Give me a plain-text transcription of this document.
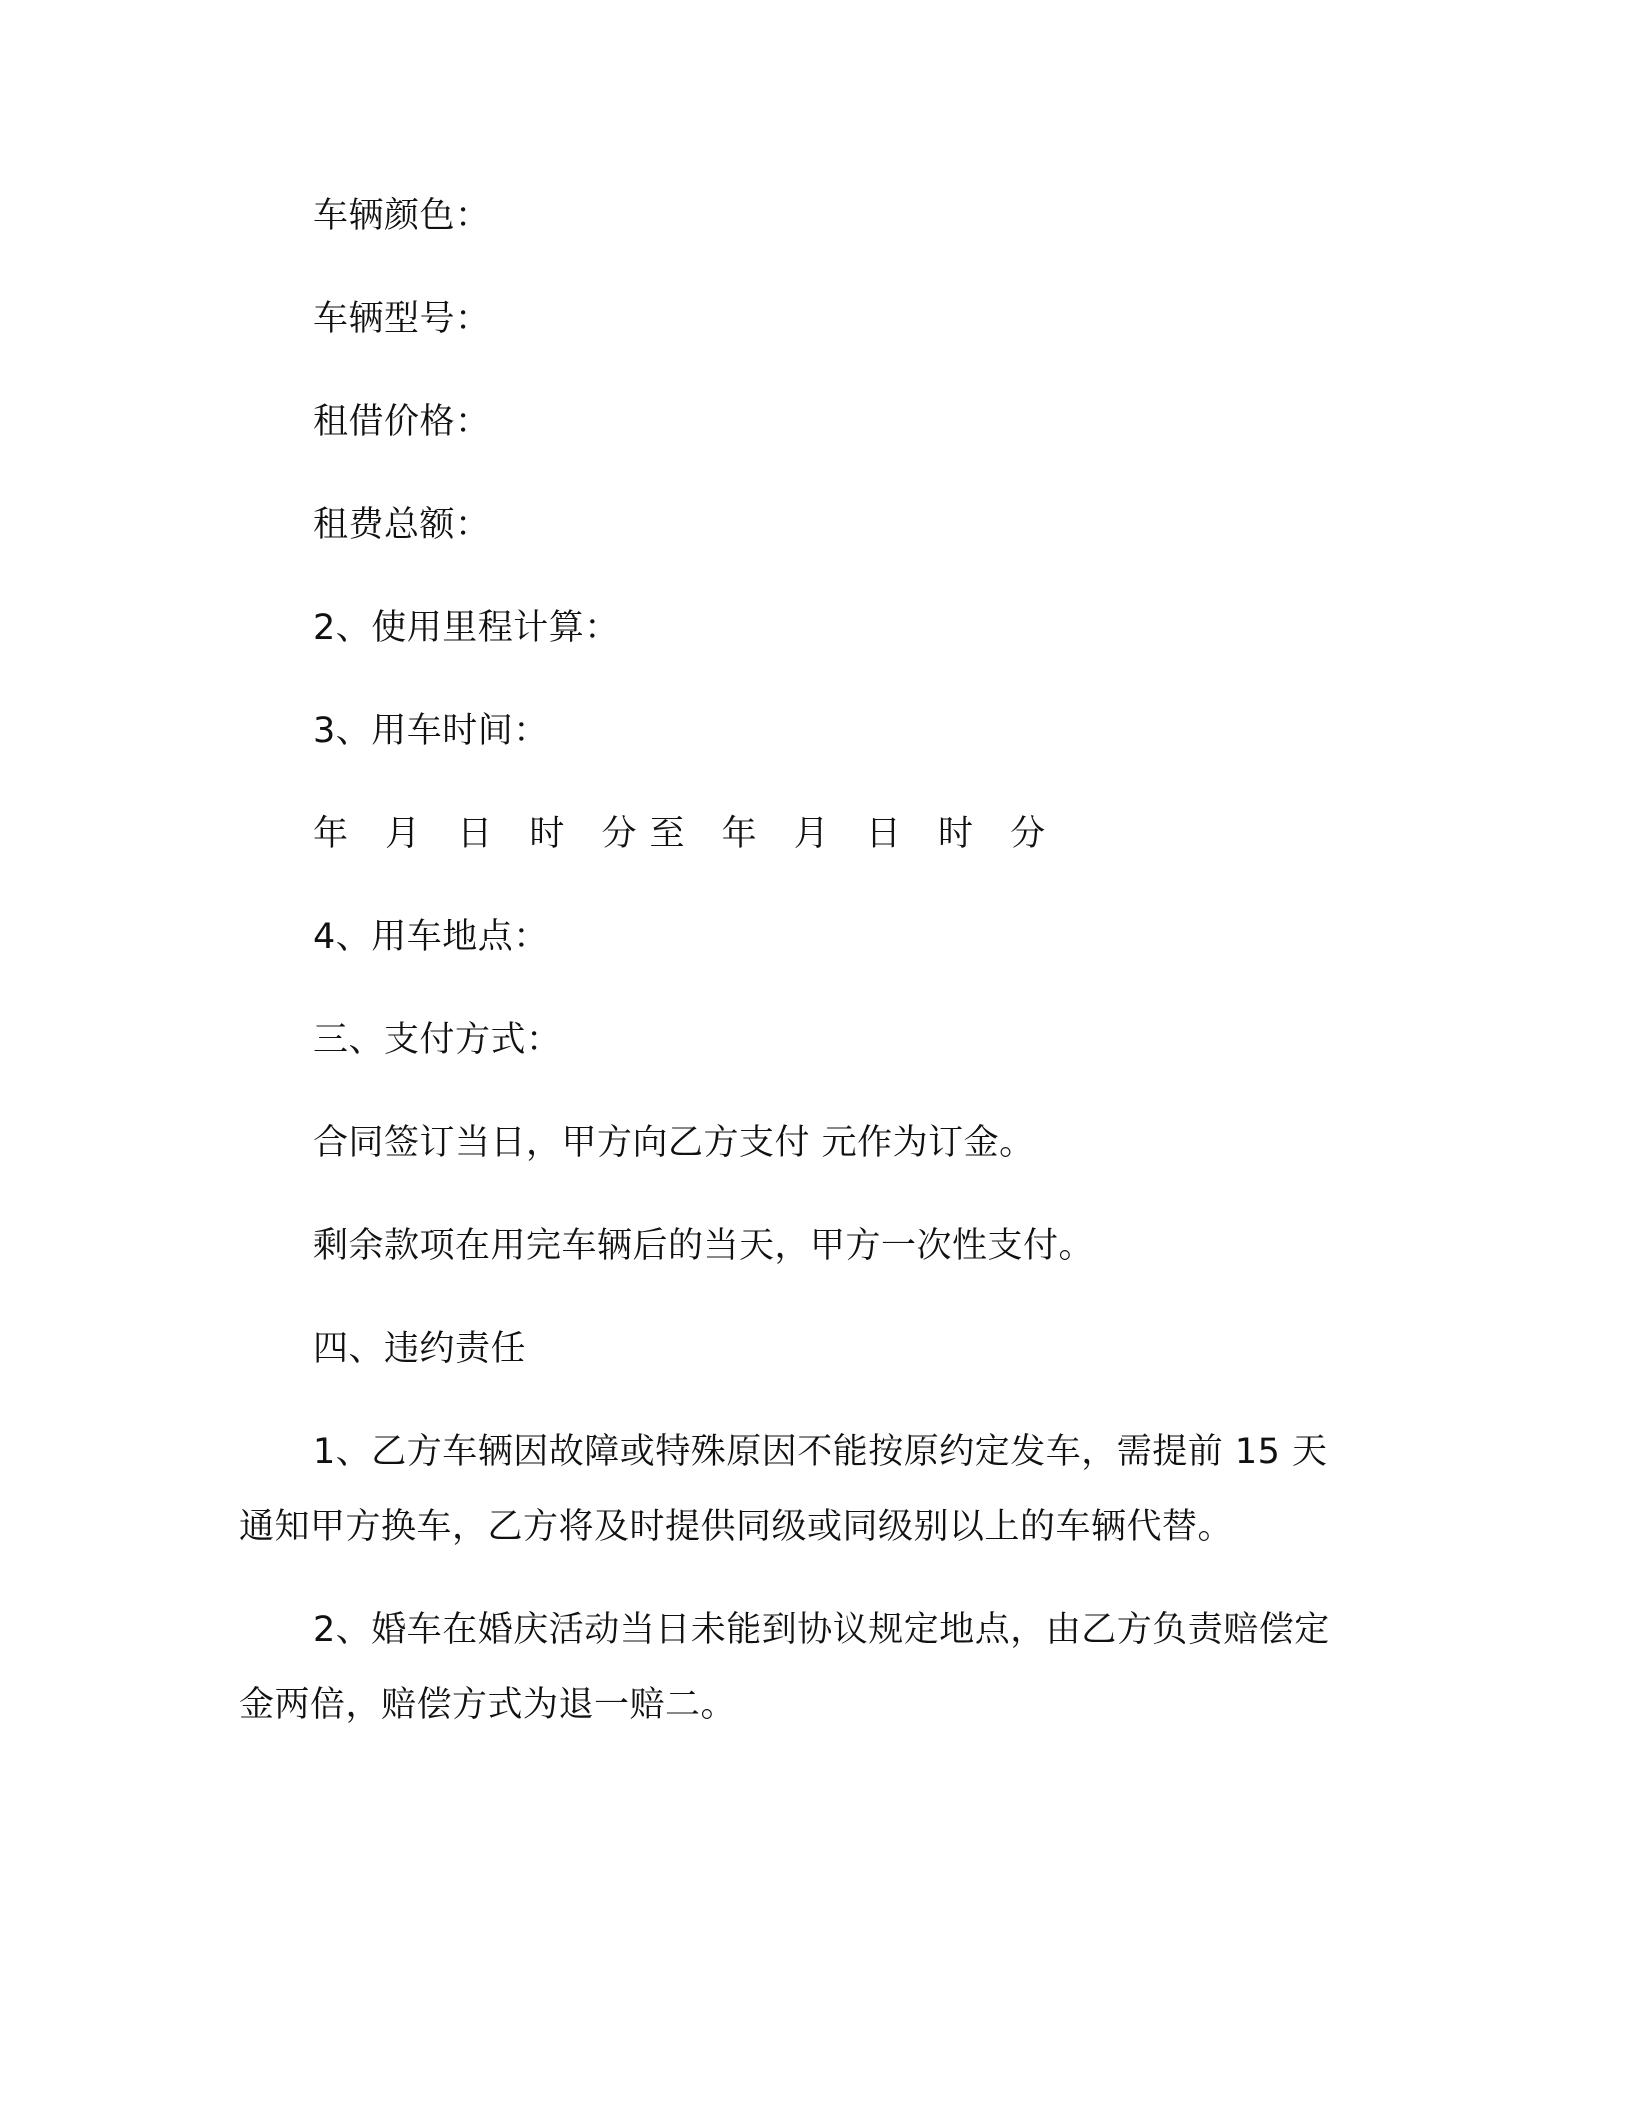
车辆颜色：
车辆型号：
租借价格：
租费总额：
2、使用里程计算：
3、用车时间：
年 月 日 时 分至 年 月 日 时 分
4、用车地点：
三、支付方式：
合同签订当日，甲方向乙方支付 元作为订金。
剩余款项在用完车辆后的当天，甲方一次性支付。
四、违约责任
1、乙方车辆因故障或特殊原因不能按原约定发车，需提前 15 天
通知甲方换车，乙方将及时提供同级或同级别以上的车辆代替。
2、婚车在婚庆活动当日未能到协议规定地点，由乙方负责赔偿定
金两倍，赔偿方式为退一赔二。
